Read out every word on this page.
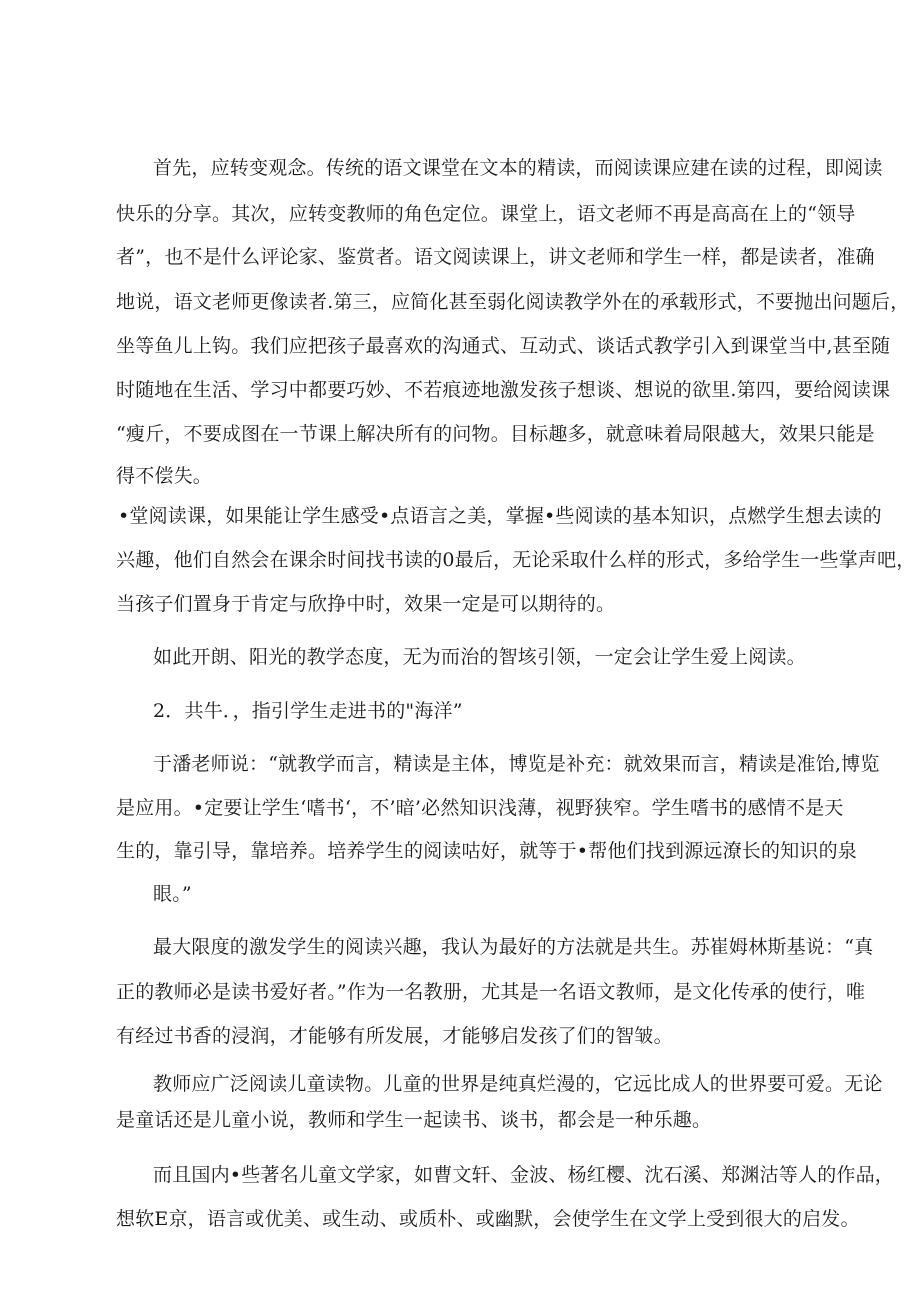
首先，应转变观念。传统的语文课堂在文本的精读，而阅读课应建在读的过程，即阅读
快乐的分享。其次，应转变教师的角色定位。课堂上，语文老师不再是高高在上的“领导
者”，也不是什么评论家、鉴赏者。语文阅读课上，讲文老师和学生一样，都是读者，准确
地说，语文老师更像读者.第三，应简化甚至弱化阅读教学外在的承载形式，不要抛出问题后，
坐等鱼儿上钩。我们应把孩子最喜欢的沟通式、互动式、谈话式教学引入到课堂当中,甚至随
时随地在生活、学习中都要巧妙、不若痕迹地激发孩子想谈、想说的欲里.第四，要给阅读课
“瘦斤，不要成图在一节课上解决所有的问物。目标趣多，就意味着局限越大，效果只能是
得不偿失。
•堂阅读课，如果能让学生感受•点语言之美，掌握•些阅读的基本知识，点燃学生想去读的
兴趣，他们自然会在课余时间找书读的0最后，无论采取什么样的形式，多给学生一些掌声吧，
当孩子们置身于肯定与欣挣中时，效果一定是可以期待的。
如此开朗、阳光的教学态度，无为而治的智垓引领，一定会让学生爱上阅读。
2．共牛．，指引学生走进书的"海洋”
于潘老师说：“就教学而言，精读是主体，博览是补充：就效果而言，精读是准饴,博览
是应用。•定要让学生‘嗜书‘，不’暗’必然知识浅薄，视野狭窄。学生嗜书的感情不是天
生的，靠引导，靠培养。培养学生的阅读咕好，就等于•帮他们找到源远潦长的知识的泉
眼。”
最大限度的激发学生的阅读兴趣，我认为最好的方法就是共生。苏崔姆林斯基说：“真
正的教师必是读书爱好者。”作为一名教册，尤其是一名语文教师，是文化传承的使行，唯
有经过书香的浸润，才能够有所发展，才能够启发孩了们的智皱。
教师应广泛阅读儿童读物。儿童的世界是纯真烂漫的，它远比成人的世界要可爱。无论
是童话还是儿童小说，教师和学生一起读书、谈书，都会是一种乐趣。
而且国内•些著名儿童文学家，如曹文轩、金波、杨红樱、沈石溪、郑渊沽等人的作品，
想软E京，语言或优美、或生动、或质朴、或幽默，会使学生在文学上受到很大的启发。
